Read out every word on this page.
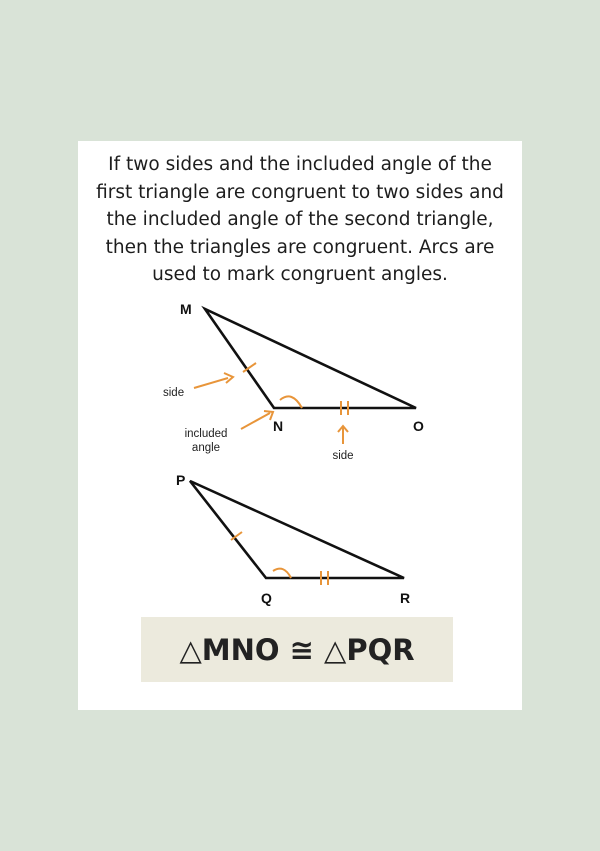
If two sides and the included angle of the first triangle are congruent to two sides and the included angle of the second triangle, then the triangles are congruent. Arcs are used to mark congruent angles.

M
N	O
side
included
angle
side
P
Q	R
△MNO ≅ △PQR
